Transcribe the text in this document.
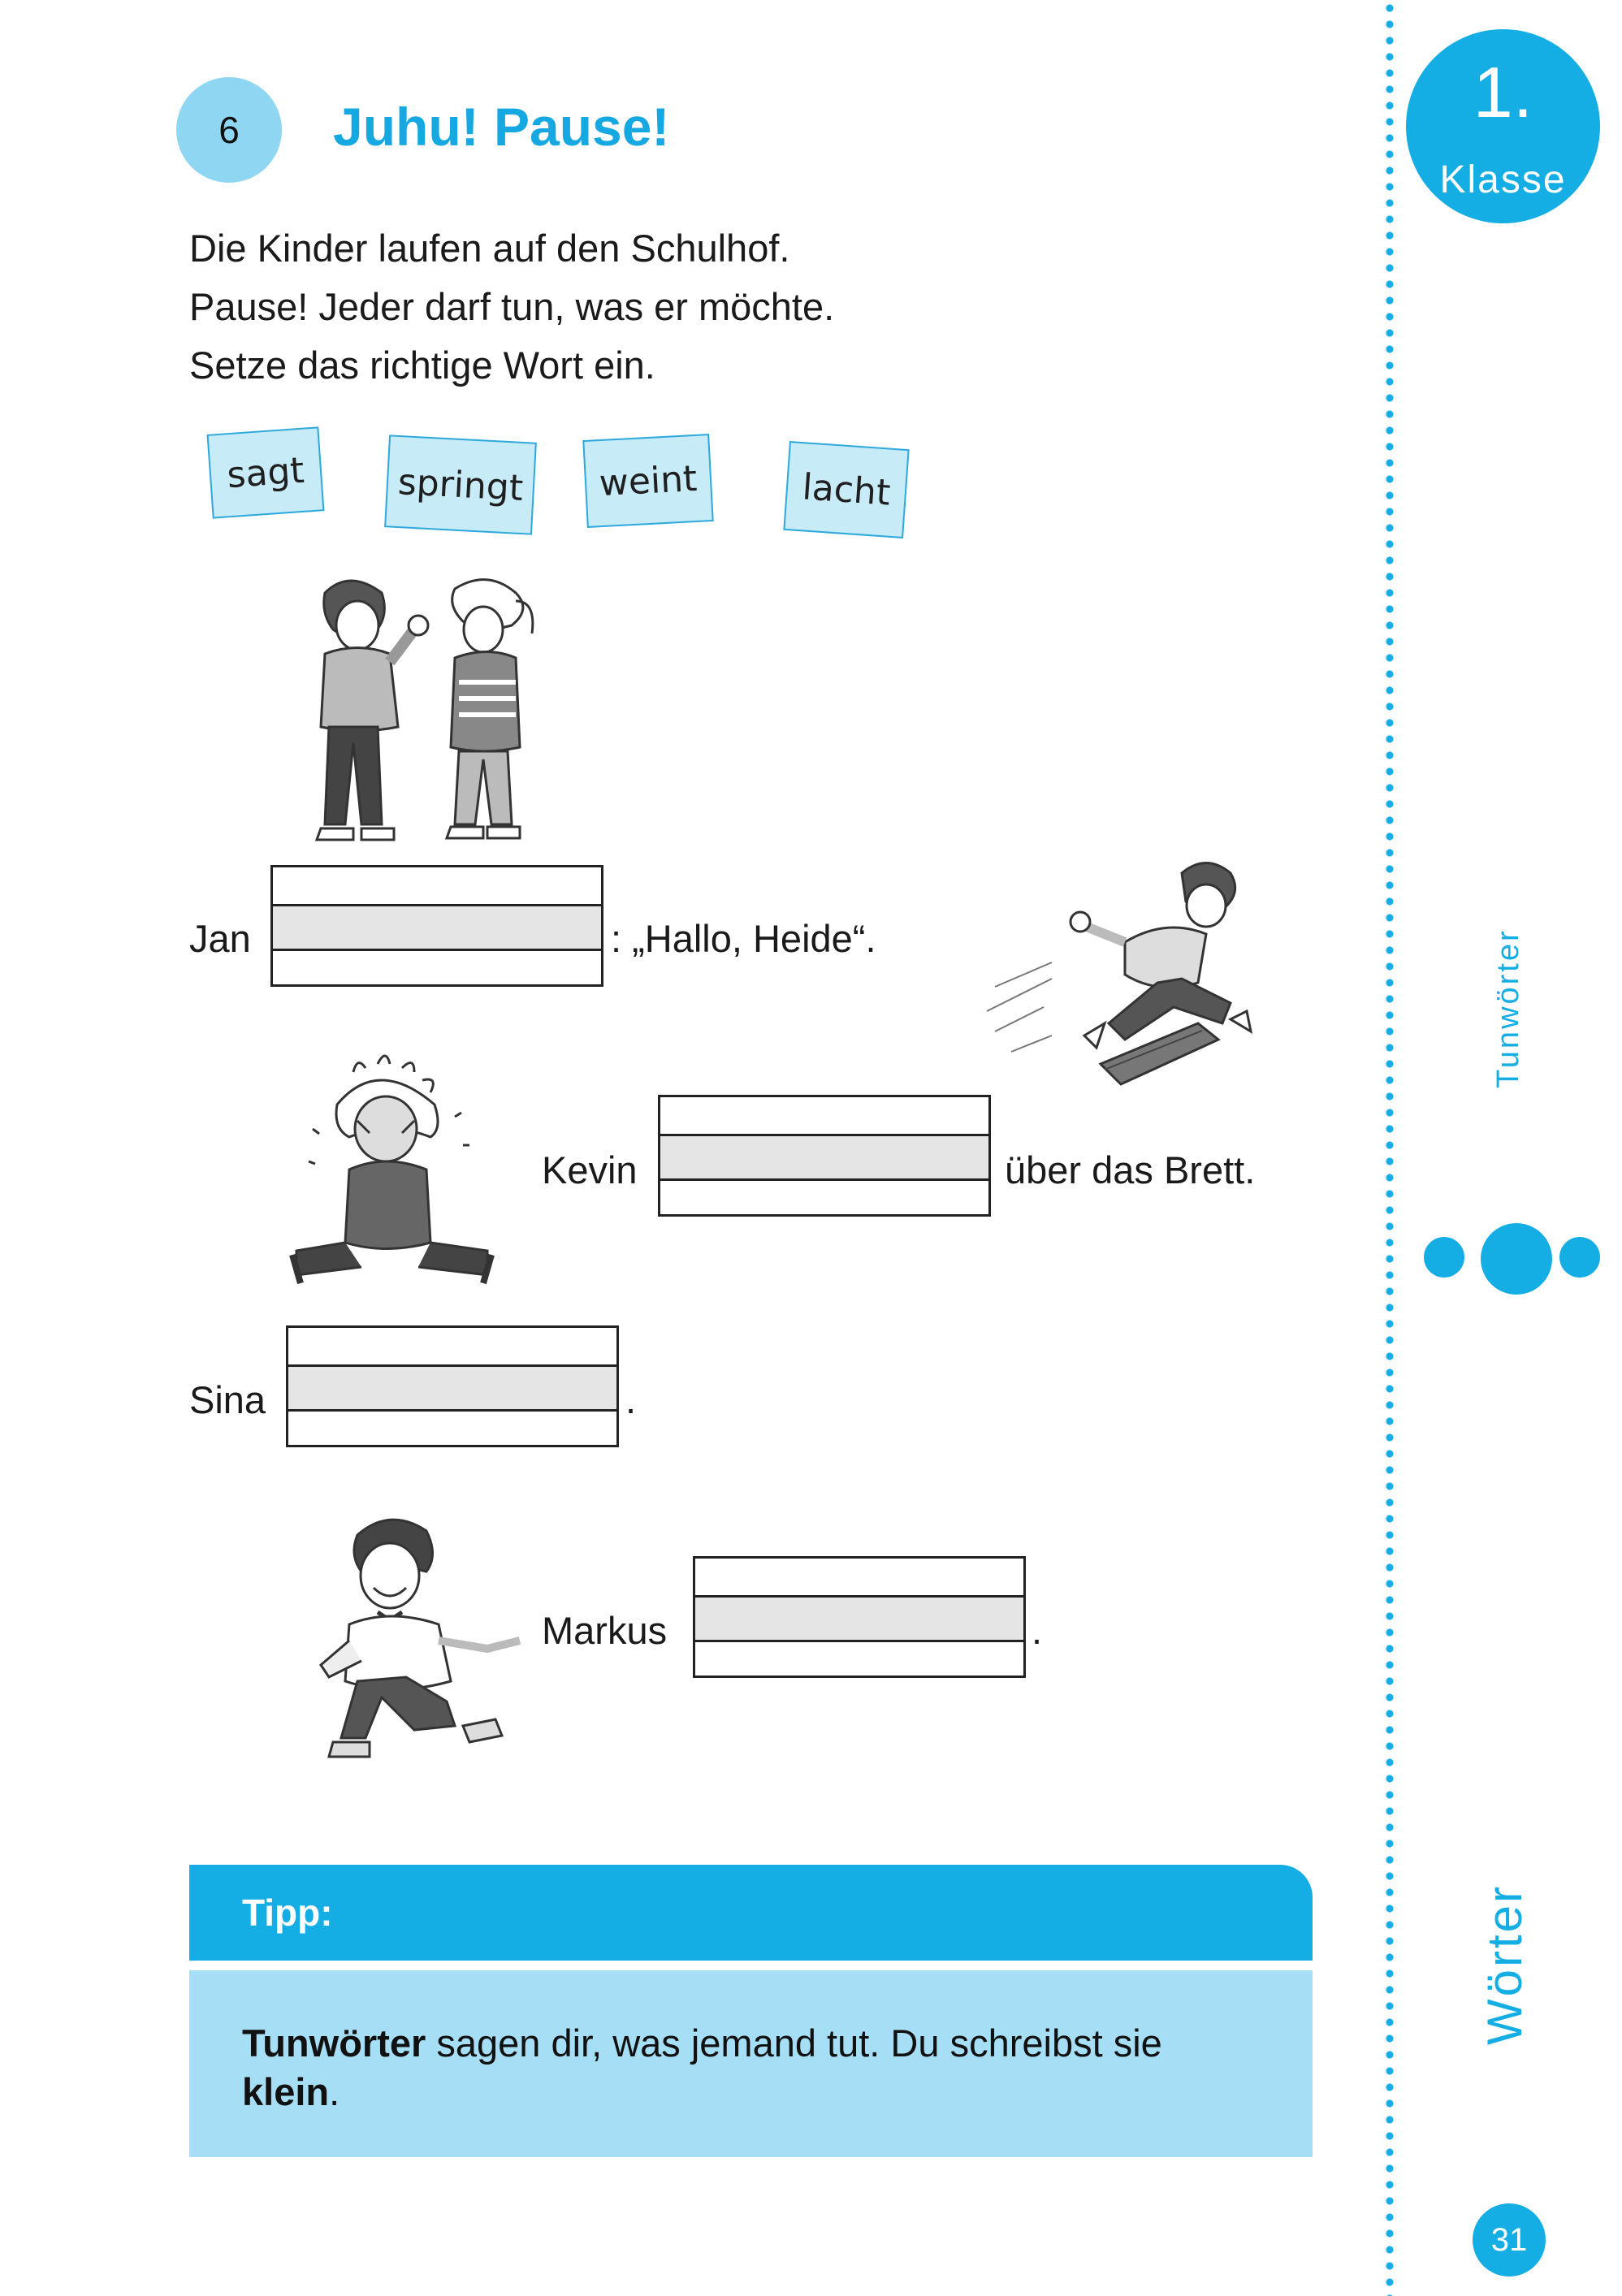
6	Juhu! Pause!
Die Kinder laufen auf den Schulhof.
Pause! Jeder darf tun, was er möchte.
Setze das richtige Wort ein.
sagt	springt	weint	lacht
Jan	: „Hallo, Heide“.
Kevin	über das Brett.
Sina	.
Markus	.
Tipp:
Tunwörter sagen dir, was jemand tut. Du schreibst sie klein.
1.
Klasse
Tunwörter
Wörter
31
